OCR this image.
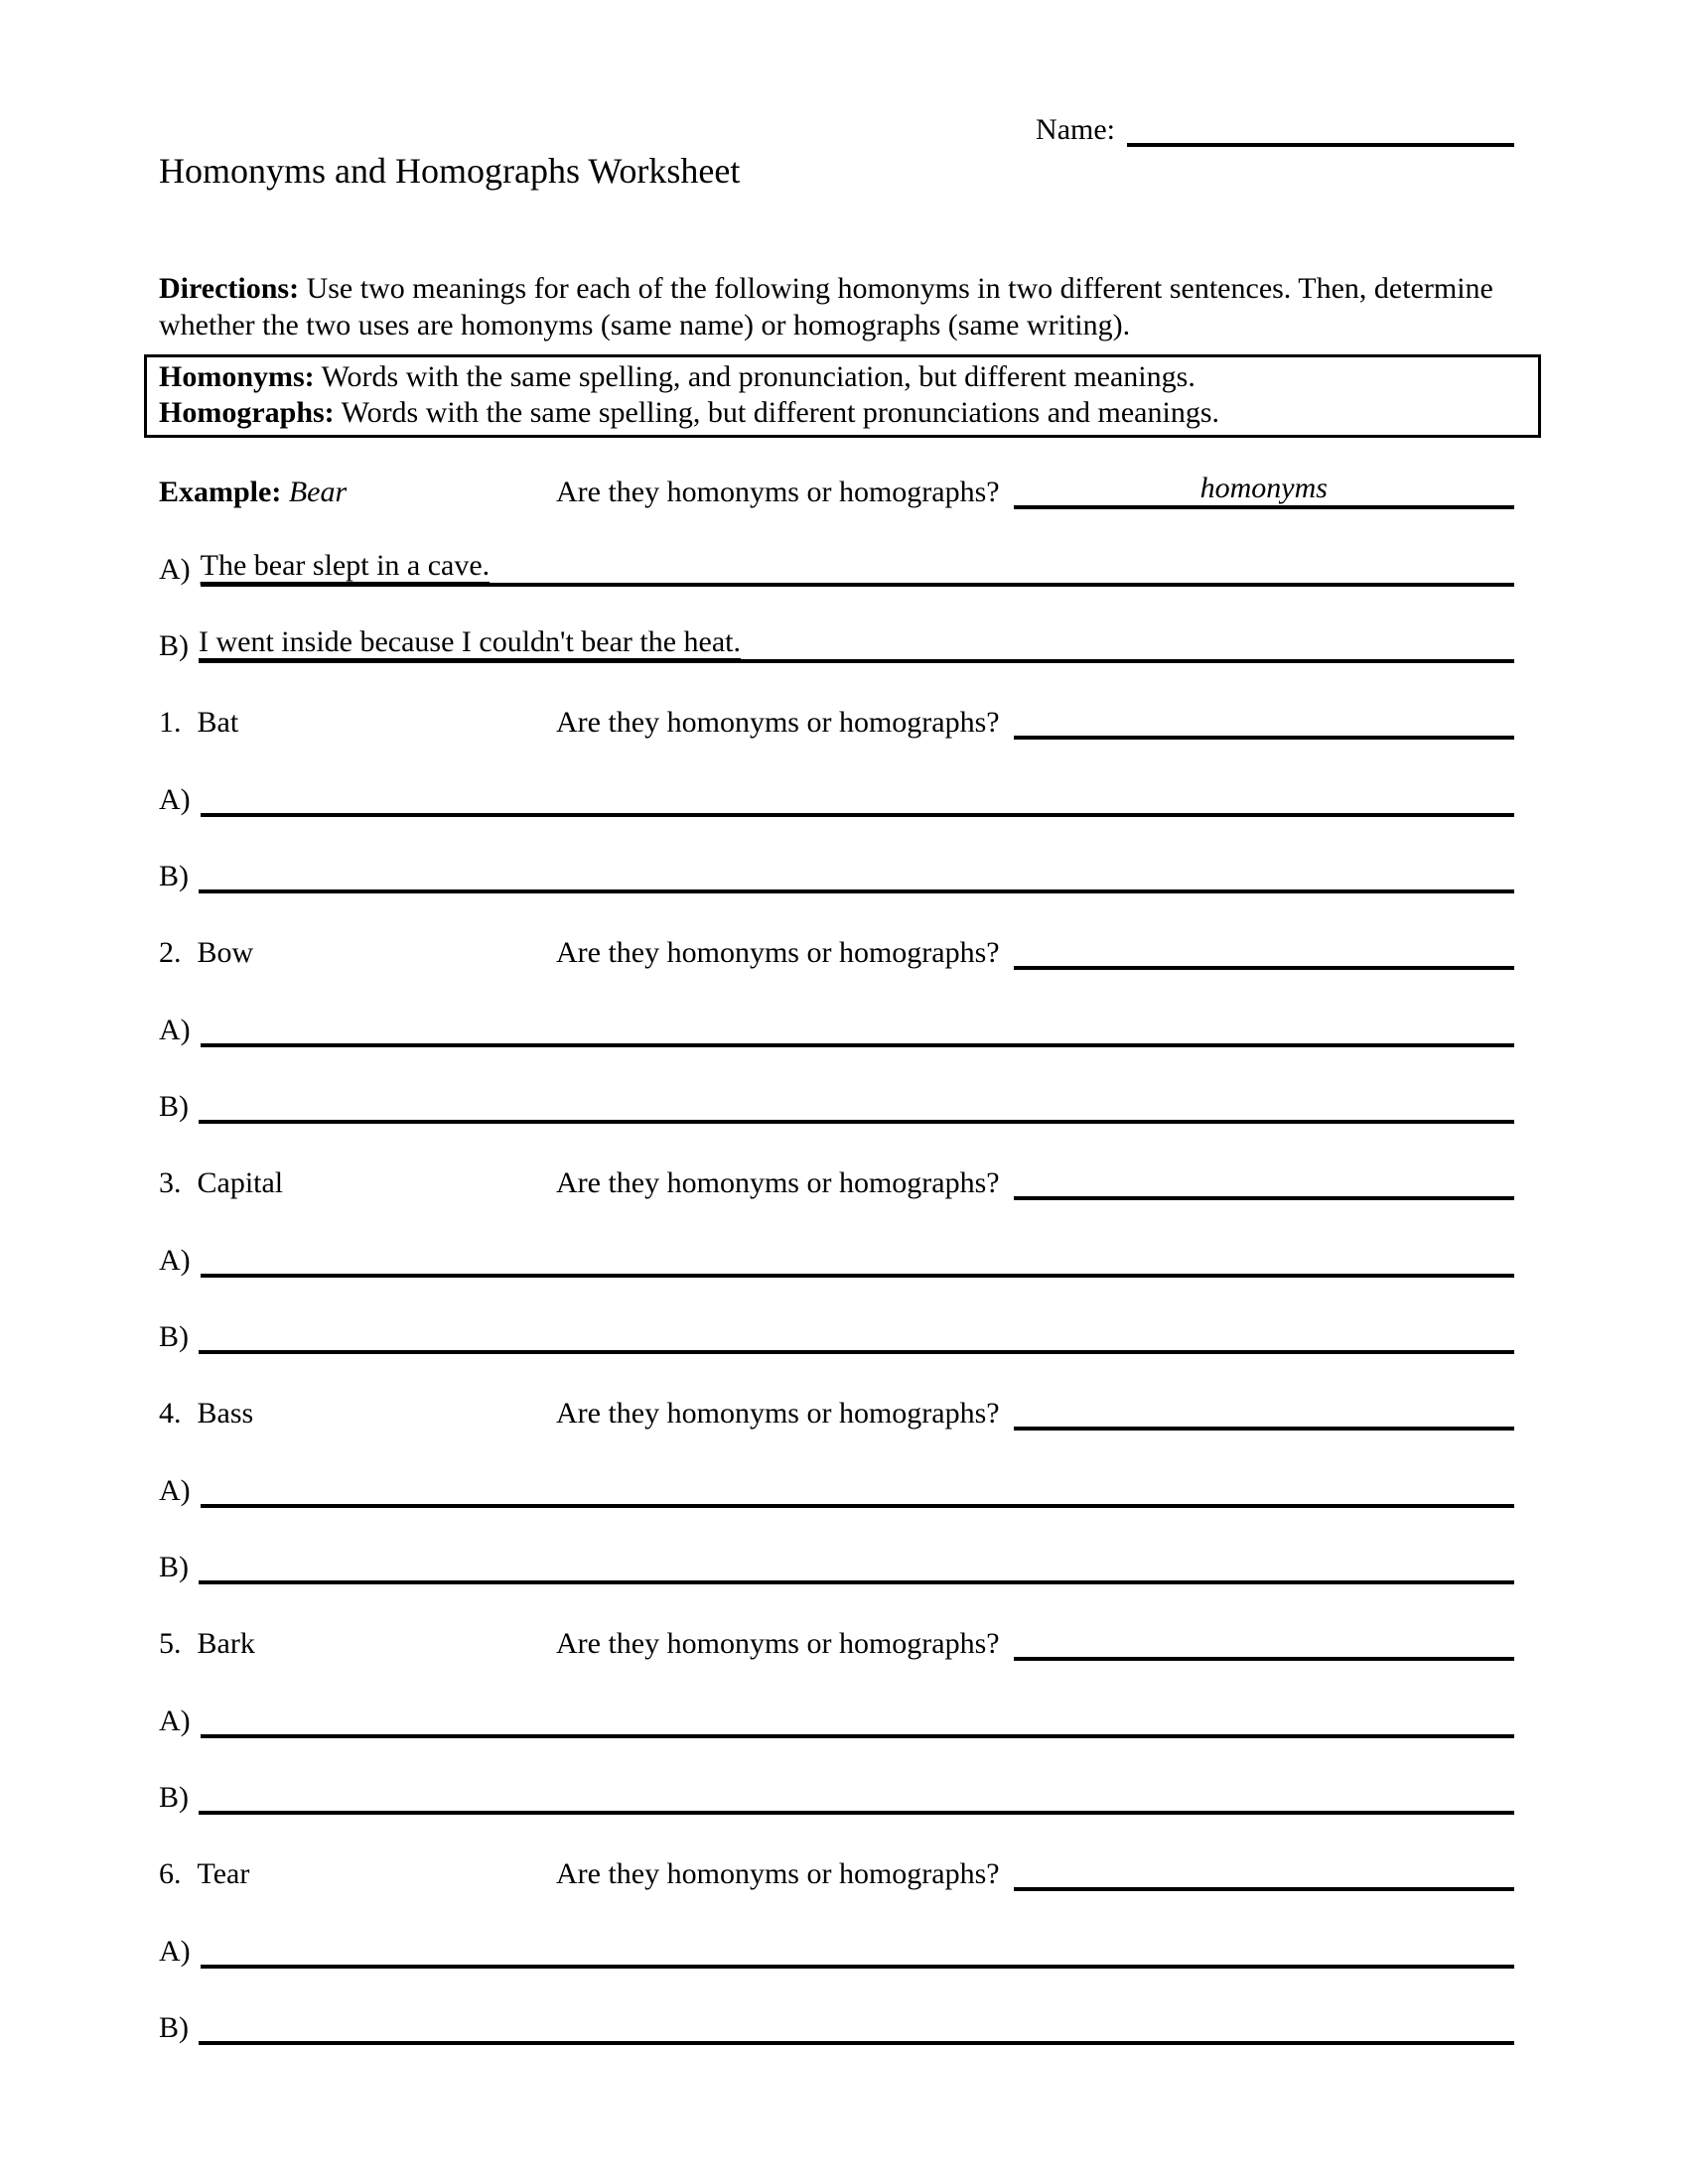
Name:
Homonyms and Homographs Worksheet

Directions: Use two meanings for each of the following homonyms in two different sentences. Then, determine whether the two uses are homonyms (same name) or homographs (same writing).

Homonyms: Words with the same spelling, and pronunciation, but different meanings.

Homographs: Words with the same spelling, but different pronunciations and meanings.

Example: Bear	Are they homonyms or homographs?	homonyms
A) The bear slept in a cave.
B) I went inside because I couldn't bear the heat.
1. Bat	Are they homonyms or homographs?
A)
B)
2. Bow	Are they homonyms or homographs?
A)
B)
3. Capital	Are they homonyms or homographs?
A)
B)
4. Bass	Are they homonyms or homographs?
A)
B)
5. Bark	Are they homonyms or homographs?
A)
B)
6. Tear	Are they homonyms or homographs?
A)
B)
